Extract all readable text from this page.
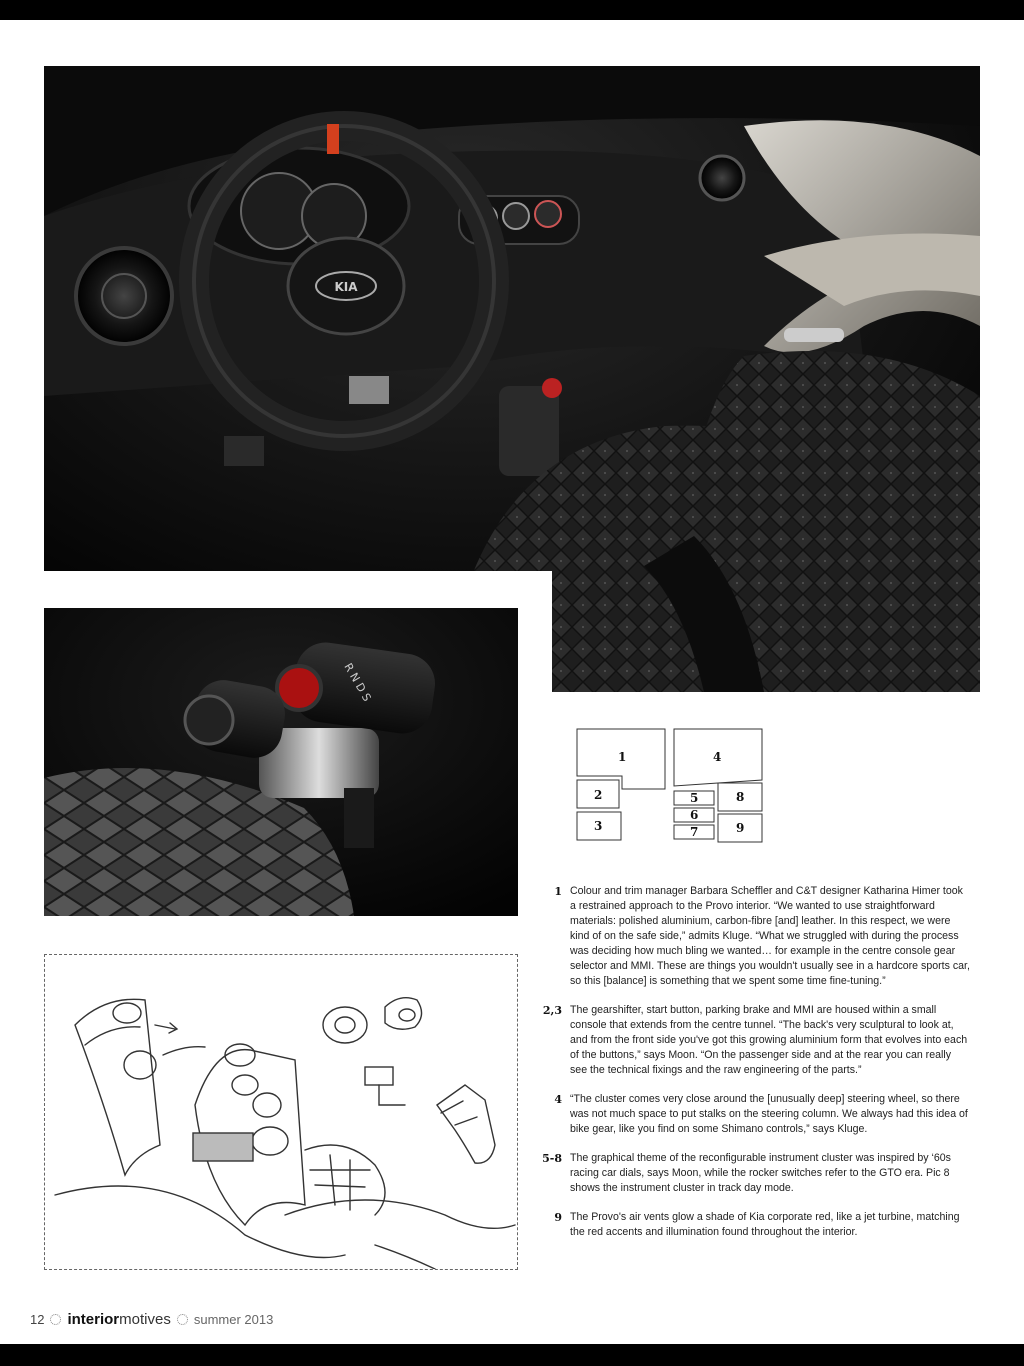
KIA
R N D S
1
2
3
4
5
6
7
8
9
1 Colour and trim manager Barbara Scheffler and C&T designer Katharina Himer took a restrained approach to the Provo interior. “We wanted to use straightforward materials: polished aluminium, carbon-fibre [and] leather. In this respect, we were kind of on the safe side,” admits Kluge. “What we struggled with during the process was deciding how much bling we wanted… for example in the centre console gear selector and MMI. These are things you wouldn't usually see in a hardcore sports car, so this [balance] is something that we spent some time fine-tuning.”
2,3 The gearshifter, start button, parking brake and MMI are housed within a small console that extends from the centre tunnel. “The back's very sculptural to look at, and from the front side you've got this growing aluminium form that evolves into each of the buttons,” says Moon. “On the passenger side and at the rear you can really see the technical fixings and the raw engineering of the parts.”
4 “The cluster comes very close around the [unusually deep] steering wheel, so there was not much space to put stalks on the steering column. We always had this idea of bike gear, like you find on some Shimano controls,” says Kluge.
5-8 The graphical theme of the reconfigurable instrument cluster was inspired by ‘60s racing car dials, says Moon, while the rocker switches refer to the GTO era. Pic 8 shows the instrument cluster in track day mode.
9 The Provo's air vents glow a shade of Kia corporate red, like a jet turbine, matching the red accents and illumination found throughout the interior.
12 interior motives summer 2013
